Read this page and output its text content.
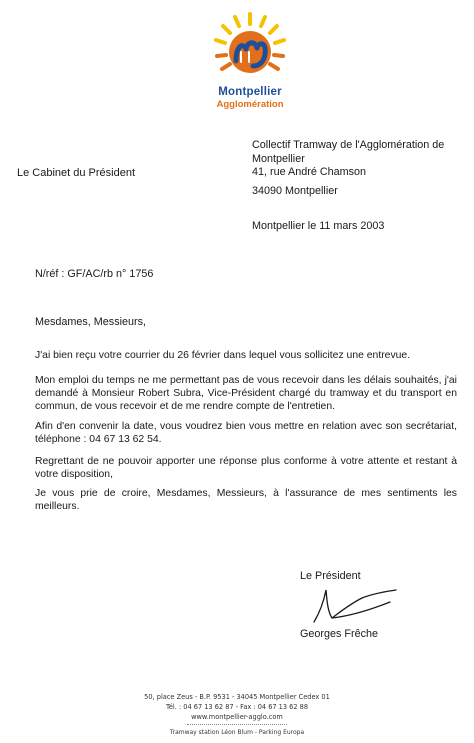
Montpellier
Agglomération
Le Cabinet du Président
Collectif Tramway de l'Agglomération de
Montpellier
41, rue André Chamson
34090 Montpellier
Montpellier le 11 mars 2003
N/réf : GF/AC/rb n° 1756
Mesdames, Messieurs,
J'ai bien reçu votre courrier du 26 février dans lequel vous sollicitez une entrevue.
Mon emploi du temps ne me permettant pas de vous recevoir dans les délais souhaités, j'ai demandé à Monsieur Robert Subra, Vice-Président chargé du tramway et du transport en commun, de vous recevoir et de me rendre compte de l'entretien.
Afin d'en convenir la date, vous voudrez bien vous mettre en relation avec son secrétariat, téléphone : 04 67 13 62 54.
Regrettant de ne pouvoir apporter une réponse plus conforme à votre attente et restant à votre disposition,
Je vous prie de croire, Mesdames, Messieurs, à l'assurance de mes sentiments les meilleurs.
Le Président
Georges Frêche
50, place Zeus - B.P. 9531 - 34045 Montpellier Cedex 01
Tél. : 04 67 13 62 87 - Fax : 04 67 13 62 88
www.montpellier-agglo.com
Tramway station Léon Blum - Parking Europa
